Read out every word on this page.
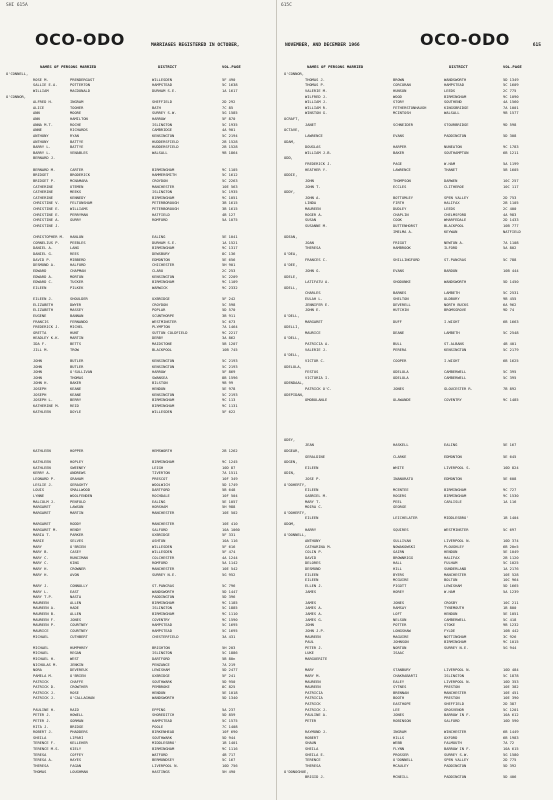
SHI 615A
OCO-ODO	MARRIAGES REGISTERED IN OCTOBER,
NAMES OF PERSONS MARRIED	DISTRICT	VOL.PAGE
O'CONNELL,
ROSE M.	PRENDERGAST	WILLESDEN	5F 490
SALLIE E.A.	POTTERTON	HAMPSTEAD	5C 1638
WILLIAM	MACDONALD	DURHAM S.E.	1A 1617
O'CONNOR,
ALFRED H.	INGRAM	SHEFFIELD	2D 292
ALICE	TOOHER	BATH	7C 85
ANN	MOORE	SURREY S.W.	5G 1585
ANN	HAMILTON	HARROW	5F 870
ANNA M.T.	ROCHE	ISLINGTON	5C 1935
ANNE	RICHARDS	CAMBRIDGE	4A 901
ANTHONY	RYAN	KENSINGTON	5C 2194
ANTHONY	BATTYE	HUDDERSFIELD	2B 1528
BARRY L.	BATTYE	HUDDERSFIELD	2B 1528
BARRY L.	VENABLES	WALSALL	9B 1864
BERNARD J.
BERNARD M.	CARTER	BIRMINGHAM	9C 1105
BRIDGET	BRODERICK	HAMMERSMITH	5C 1612
BRIDGET P.	MCNAMARA	CROYDON	5C 2263
CATHERINE	UTEMEN	MANCHESTER	10E 563
CATHERINE	MEEKS	ISLINGTON	5C 1935
CATHERINE	KENNEDY	BIRMINGHAM	9C 1051
CHRISTINE V.	FELTONSHAM	PETERBOROUGH	3B 1615
CHRISTINE E.	WILLIAMS	PETERBOROUGH	3B 1615
CHRISTINE E.	PERRYMAN	HATFIELD	4B 127
CHRISTINE A.	GURRY	ROMFORD	5A 1075
CHRISTINE J.
CHRISTOPHER M.	HANLON	EALING	5E 1041
CORNELIUS P.	PEEBLES	DURHAM S.E.	1A 1521
DANIEL A.	LANG	BIRMINGHAM	9C 1317
DANIEL G.	REES	DEWSBURY	8C 136
DAVID P.	MIBBERD	EDMONTON	5E 656
DESMOND A.	HALFORD	CHICHESTER	5H 901
EDWARD	CHAPMAN	CLARO	2C 253
EDWARD A.	MORTON	KENSINGTON	5C 2209
EDWARD C.	TUCKER	BIRMINGHAM	9C 1109
EILEEN	PILKEK	WARWICK	9C 2332
EILEEN J.	SHOULDER	UXBRIDGE	5F 242
ELIZABETH	DWYER	CROYDON	5C 598
ELIZABETH	MASSEY	POPLAR	5D 570
EUGENE	BANNAN	SCUNTHORPE	3B 911
FRANCIS	FERNANDO	WESTMINSTER	5C 673
FREDERICK J.	MICHEL	PLYMPTON	7A 1464
GRETTA	HUNT	SUTTON COLDFIELD	9C 2217
HEADLEY K.K.	MARTIN	DERBY	3A 862
IDA F.	BETTS	MAIDSTONE	5B 1207
JILL M.	TROW	BLACKPOOL	10B 745
JOHN	BUTLER	KENSINGTON	5C 2193
JOHN	BUTLER	KENSINGTON	5C 2193
JOHN	O'SULLIVAN	HARROW	5F 869
JOHN	THOMAS	SWANSEA	8B 1596
JOHN H.	BAKER	BILSTON	9B 99
JOSEPH	KEANE	HENDON	5E 978
JOSEPH	KEANE	KENSINGTON	5C 2193
JOSEPH L.	BERRY	BIRMINGHAM	9C 113
KATHERINE M.	REID	BIRMINGHAM	9C 1131
KATHLEEN	DOYLE	WILLESDEN	5F 622
KATHLEEN	HOPPER	HEMSWORTH	2B 1262
KATHLEEN	HOPLEY	BIRMINGHAM	9C 1245
KATHLEEN	SWEENEY	LEIGH	10D 87
KERRY A.	ANDREWS	TIVERTON	7A 1511
LEONARD P.	GRAHAM	PRESCOT	10F 349
LESLIE J.	GERAGHTY	WOOLWICH	5D 1749
LOUIS	SMALLWOOD	DARTFORD	5B 648
LYNNE	WOOLFENDEN	ROCHDALE	10F 504
MALCOLM J.	PENFOLD	EALING	5E 1057
MARGARET	LAWSON	HORSHAM	5H 988
MARGARET	MARTIN	MANCHESTER	10E 502
MARGARET	RODDY	MANCHESTER	10E 410
MARGARET M.	HENDY	SALFORD	10A 1060
MARIA T.	PARKER	UXBRIDGE	5F 331
MARIE	SELVES	ASHTON	10A 116
MARY	O'BRIEN	WILLESDEN	5F 616
MARY B.	CASEY	WILLESDEN	5F 474
MARY C.	RUNCIMAN	COLCHESTER	4A 1244
MARY C.	KING	ROMFORD	5A 1142
MARY H.	CROWNER	MANCHESTER	10E 542
MARY H.	AVON	SURREY N.E.	5G 952
MARY J.	CONNOLLY	ST.PANCRAS	5C 796
MARY L.	EAST	WANDSWORTH	5D 1447
MARY T.P.	NASTA	PADDINGTON	5D 396
MAUREEN	ALLEN	BIRMINGHAM	9C 1185
MAUREEN A.	HADE	ISLINGTON	5C 1885
MAUREEN B.	ALLEN	BIRMINGHAM	9C 1110
MAUREEN F.	JONES	COVENTRY	9C 1590
MAUREEN P.	COURTNEY	HAMPSTEAD	5C 1695
MAURICE	COURTNEY	HAMPSTEAD	5C 1695
MICHAEL	CUTHBERT	CHESTERFIELD	3A 431
MICHAEL	HUMPHREY	BRIGHTON	5H 203
MICHAEL	REGAN	ISLINGTON	5C 1886
MICHAEL H.	WEST	DARTFORD	5B 80n
NICHOLAS M.	JENKIN	PENZANCE	7A 219
NORA	DEVEREUX	LEWISHAM	5D 2477
PAMELA M.	O'BRIEN	UXBRIDGE	5F 241
PATRICK	CHAFFE	SOUTHWARK	5D 950
PATRICK D.	CROWTHER	PEMBROKE	8C 825
PATRICK J.	ROSE	HENDON	5E 1018
PATRICK J.	O'CALLAGHAN	WANDSWORTH	5D 1340
PAULINE H.	RAID	EPPING	5A 237
PETER J.	HOWELL	SHOREDITCH	5D 859
PETER J.	GORMAN	HAMPSTEAD	5C 1575
RITA J.	BRIDGE	POOLE	7C 1408
ROBERT J.	PHADDERS	BIRKENHEAD	10F 690
SHEILA	LIPARI	SOUTHWARK	5D 944
TERENCE F.	KELLEHER	MIDDLESBRO'	1B 1401
TERENCE M.S.	KIELY	BIRMINGHAM	9C 1116
TERESA	COFFEY	WATFORD	4B 717
TERESA A.	HAYES	BERMONDSEY	5C 167
THERESA	FAGAN	LIVERPOOL N.	10D 756
THOMAS	LOUGHMAN	HASTINGS	5H 490
615C
OCO-ODO
NOVEMBER, AND DECEMBER 1966	615
NAMES OF PERSONS MARRIED	DISTRICT	VOL.PAGE
O'CONNOR,
THOMAS J.	BROWN	WANDSWORTH	5D 1349
THOMAS P.	CORCORAN	HAMPSTEAD	5C 1609
VALERIE M.	HUNSON	LEEDS	2C 775
WILFRED J.	WOOD	BIRMINGHAM	9C 1090
WILLIAM J.	STORY	SOUTHEND	4A 1560
WILLIAM R.	FETHERSTONHAUGH	KINGSBRIDGE	7A 1001
WINSTON G.	MCINTOSH	WALSALL	9B 1577
OCRAFT,
JANET	SCHNEIDER	STOURBRIDGE	9D 598
OCTAVE,
LAWRENCE	EVANS	PADDINGTON	5D 308
ODAM,
DOUGLAS	HARPER	NUNEATON	9C 1783
WILLIAM J.B.	BAKER	SOUTHAMPTON	6B 1211
ODD,
FREDERICK J.	PAGE	W.HAM	5A 1199
HEATHER Y.	LAWRENCE	THANET	5B 1605
ODDIE,
JOHN	THOMPSON	DARWEN	10C 257
JOHN T.	ECCLES	CLITHEROE	10C 117
ODDY,
JOHN A.	BOTTOMLEY	SPEN VALLEY	2D 753
LINDA	FIRTH	HALIFAX	2B 1105
MAUREEN	DUDLEY	LEEDS	2C 400
ROGER A.	CHAPLIN	CHELMSFORD	4A 983
SUSAN	COOK	WHARFEDALE	2D 1433
SUSANNE M.	DUTTENHORST	BLACKPOOL	10B 777
IMELMA A.	KEYWAN	NATFIELD
ODEAN,
JOAN	FRIGOT	NEWTON A.	7A 1108
THERESA	HAMBROOK	ILFORD	5A 802
O'DEA,
FRANCES C.	SHILLINGFORD	ST.PANCRAS	5C 788
O'DEE,
JOHN G.	EVANS	BARDON	10B 444
ODELE,
LATIFATU A.	SHODUNKE	WANDSWORTH	5D 1450
ODELL,
CHARLES	BARNES	LAMBETH	5C 2531
EULAH L.	SHELTON	OLDBURY	9B 455
JENNIFER E.	DEVERELL	NORTH BUCKS	6A 962
JOHN E.	HUTCHIN	BROMSGROVE	9D 74
O'DELL,
MARGARET	DUFF	I.WIGHT	6B 1663
ODELLI,
MAURICE	DEANE	LAMBETH	5C 2548
O'DELL,
PATRICIA A.	BULL	ST.ALBANS	4B 401
VALERIE J.	PERERA	KENSINGTON	5C 2179
O'DELL,
VICTOR C.	COOPER	I.WIGHT	6B 1625
ODELOLA,
FESTUS	ODELOLA	CAMBERWELL	5C 395
VICTORIA I.	ODELOLA	CAMBERWELL	5C 395
ODENDAAL,
PATRICK O'C.	JONES	GLOUCESTER R.	7B 892
ODEPIDAN,
OMOBOLANLE	OLAWANDE	COVENTRY	9C 1485
ODEY,
JEAN	HASKELL	EALING	5E 167
ODGEAR,
GERALDINE	CLARKE	EDMONTON	5E 645
ODGEN,
EILEEN	WHITE	LIVERPOOL S.	10D 824
ODIN,
JOSE P.	INANURATO	EDMONTON	5E 608
O'DOHERTY,
EILEEN	MCENTEE	BIRMINGHAM	9C 727
GABRIEL M.	ROGERS	BIRMINGHAM	9C 1530
MARY T.	PEEL	CARLISLE	1A 116
MOIRA C.	GEORGE
O'DOHERTY,
EILEEN	LEICHELATER	MIDDLESBRO'	1B 1404
ODOM,
HARRY	SQUIRES	WESTMINSTER	5C 697
O'DONNELL,
ANTHONY	SULLIVAN	LIVERPOOL N.	10D 374
CATHARINA M.	NOWAKOWSKI	PLOUGHLEY	6B 20n5
COLIN P.	GAIRN	HENDON	5E 1049
DAVID	BROWNRIGG	HALIFAX	2B 1120
DELORES	HALL	FULHAM	5C 1025
DESMOND	HILL	SUNDERLAND	1A 2176
EILEEN	BYERS	MANCHESTER	10E 528
EILEEN	MCGUIRE	BOLTON	10C 964
ELLEN J.	PIGOTT	LEWISHAM	5D 1665
JAMES	HOREY	W.HAM	5A 1239
JAMES	JONES	CROSBY	10C 211
JAMES A.	RAMSAY	TYNEMOUTH	1B 800
JAMES A.	LOFT	HENDON	5E 1051
JAMES G.	NELSON	CAMBERWELL	5C 418
JOHN	POTTER	STOKE	9B 1232
JOHN J.P.	LONGSHAW	FYLDE	10B 442
MAUREEN	MAGUIRE	NOTTINGHAM	3C 926
PAUL	JOHNSON	BIRMINGHAM	9C 1015
PETER J.	NORTON	SURREY N.E.	5G 944
LUKE	ISAAC
MARGUERITE
MARY	STANBURY	LIVERPOOL N.	10D 484
MARY M.	CHAKRABARTI	ISLINGTON	5C 1878
MAUREEN	EALEY	LIVERPOOL N.	10D 353
MAUREEN	SYTNES	PRESTON	10E 382
PATRICIA	BRENNAN	MANCHESTER	10E 451
PATRICIA	BOOTH	PRESTON	10E 390
PATRICK	EASTHOPE	SHEFFIELD	2D 387
PATRICK J.	LEE	GROSVENOR	5C 1201
PAULINE A.	JONES	BARROW IN F.	10A 612
PETER	ROBINSON	SALFORD	10D 590
RAYMOND J.	INGRAM	WINCHESTER	6B 1449
ROBERT	HILLS	OXFORD	6B 1983
SHAUN	WEBB	FALMOUTH	7A 72
SHEILA	FLYNN	BARROW IN F.	10A 615
SHEILA E.	PROSSER	SURREY S.W.	5G 1580
TERENCE	O'DONNELL	SPEN VALLEY	2D 775
THERESA	MCAULEY	PADDINGTON	5D 392
O'DONOGHUE,
BRIGID J.	MCNEILL	PADDINGTON	5D 406
